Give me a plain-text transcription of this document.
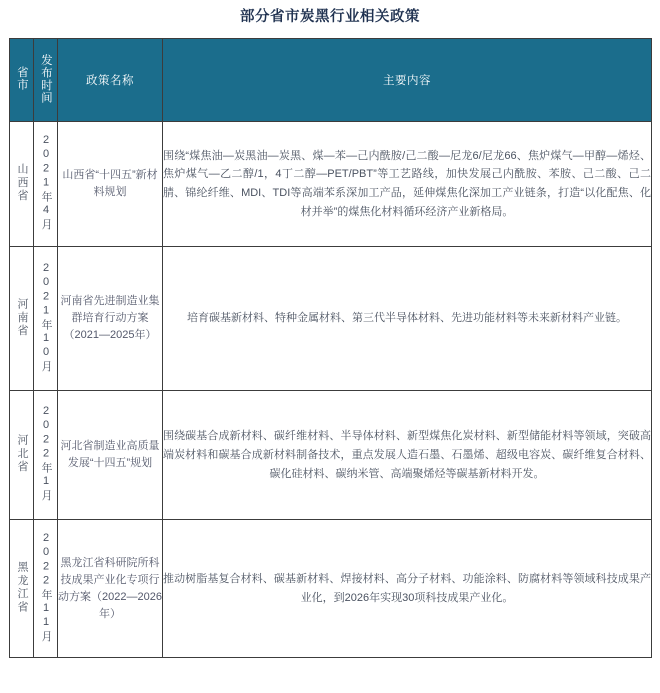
部分省市炭黑行业相关政策
省市	发布时间	政策名称	主要内容
山西省	2021年4月	山西省“十四五”新材料规划	围绕“煤焦油—炭黑油—炭黑、煤—苯—己内酰胺/己二酸—尼龙6/尼龙66、焦炉煤气—甲醇—烯烃、焦炉煤气—乙二醇/1，4丁二醇—PET/PBT”等工艺路线，加快发展己内酰胺、苯胺、己二酸、己二腈、锦纶纤维、MDI、TDI等高端苯系深加工产品，延伸煤焦化深加工产业链条，打造“以化配焦、化材并举”的煤焦化材料循环经济产业新格局。
河南省	2021年10月	河南省先进制造业集群培育行动方案（2021—2025年）	培育碳基新材料、特种金属材料、第三代半导体材料、先进功能材料等未来新材料产业链。
河北省	2022年1月	河北省制造业高质量发展“十四五”规划	围绕碳基合成新材料、碳纤维材料、半导体材料、新型煤焦化炭材料、新型储能材料等领域，突破高端炭材料和碳基合成新材料制备技术，重点发展人造石墨、石墨烯、超级电容炭、碳纤维复合材料、碳化硅材料、碳纳米管、高端聚烯烃等碳基新材料开发。
黑龙江省	2022年11月	黑龙江省科研院所科技成果产业化专项行动方案（2022—2026年）	推动树脂基复合材料、碳基新材料、焊接材料、高分子材料、功能涂料、防腐材料等领域科技成果产业化，到2026年实现30项科技成果产业化。
